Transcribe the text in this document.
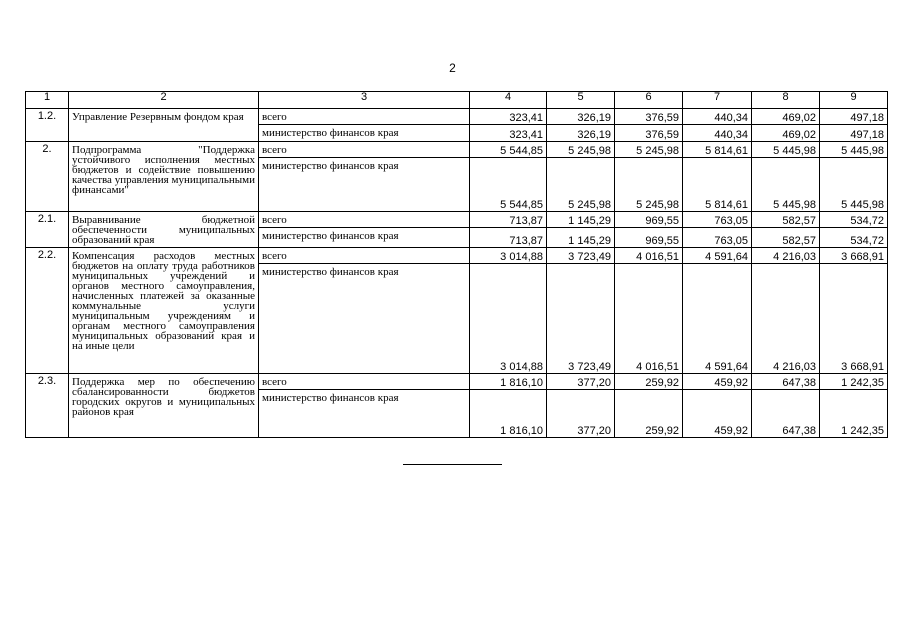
2
1	2	3	4	5	6	7	8	9
1.2.	Управление Резервным фондом края	всего	323,41	326,19	376,59	440,34	469,02	497,18
		министерство финансов края	323,41	326,19	376,59	440,34	469,02	497,18
2.	Подпрограмма "Поддержка устойчивого исполнения местных бюджетов и содействие повышению качества управления муниципальными финансами"	всего	5 544,85	5 245,98	5 245,98	5 814,61	5 445,98	5 445,98
		министерство финансов края	5 544,85	5 245,98	5 245,98	5 814,61	5 445,98	5 445,98
2.1.	Выравнивание бюджетной обеспеченности муниципальных образований края	всего	713,87	1 145,29	969,55	763,05	582,57	534,72
		министерство финансов края	713,87	1 145,29	969,55	763,05	582,57	534,72
2.2.	Компенсация расходов местных бюджетов на оплату труда работников муниципальных учреждений и органов местного самоуправления, начисленных платежей за оказанные коммунальные услуги муниципальным учреждениям и органам местного самоуправления муниципальных образований края и на иные цели	всего	3 014,88	3 723,49	4 016,51	4 591,64	4 216,03	3 668,91
		министерство финансов края	3 014,88	3 723,49	4 016,51	4 591,64	4 216,03	3 668,91
2.3.	Поддержка мер по обеспечению сбалансированности бюджетов городских округов и муниципальных районов края	всего	1 816,10	377,20	259,92	459,92	647,38	1 242,35
		министерство финансов края	1 816,10	377,20	259,92	459,92	647,38	1 242,35
